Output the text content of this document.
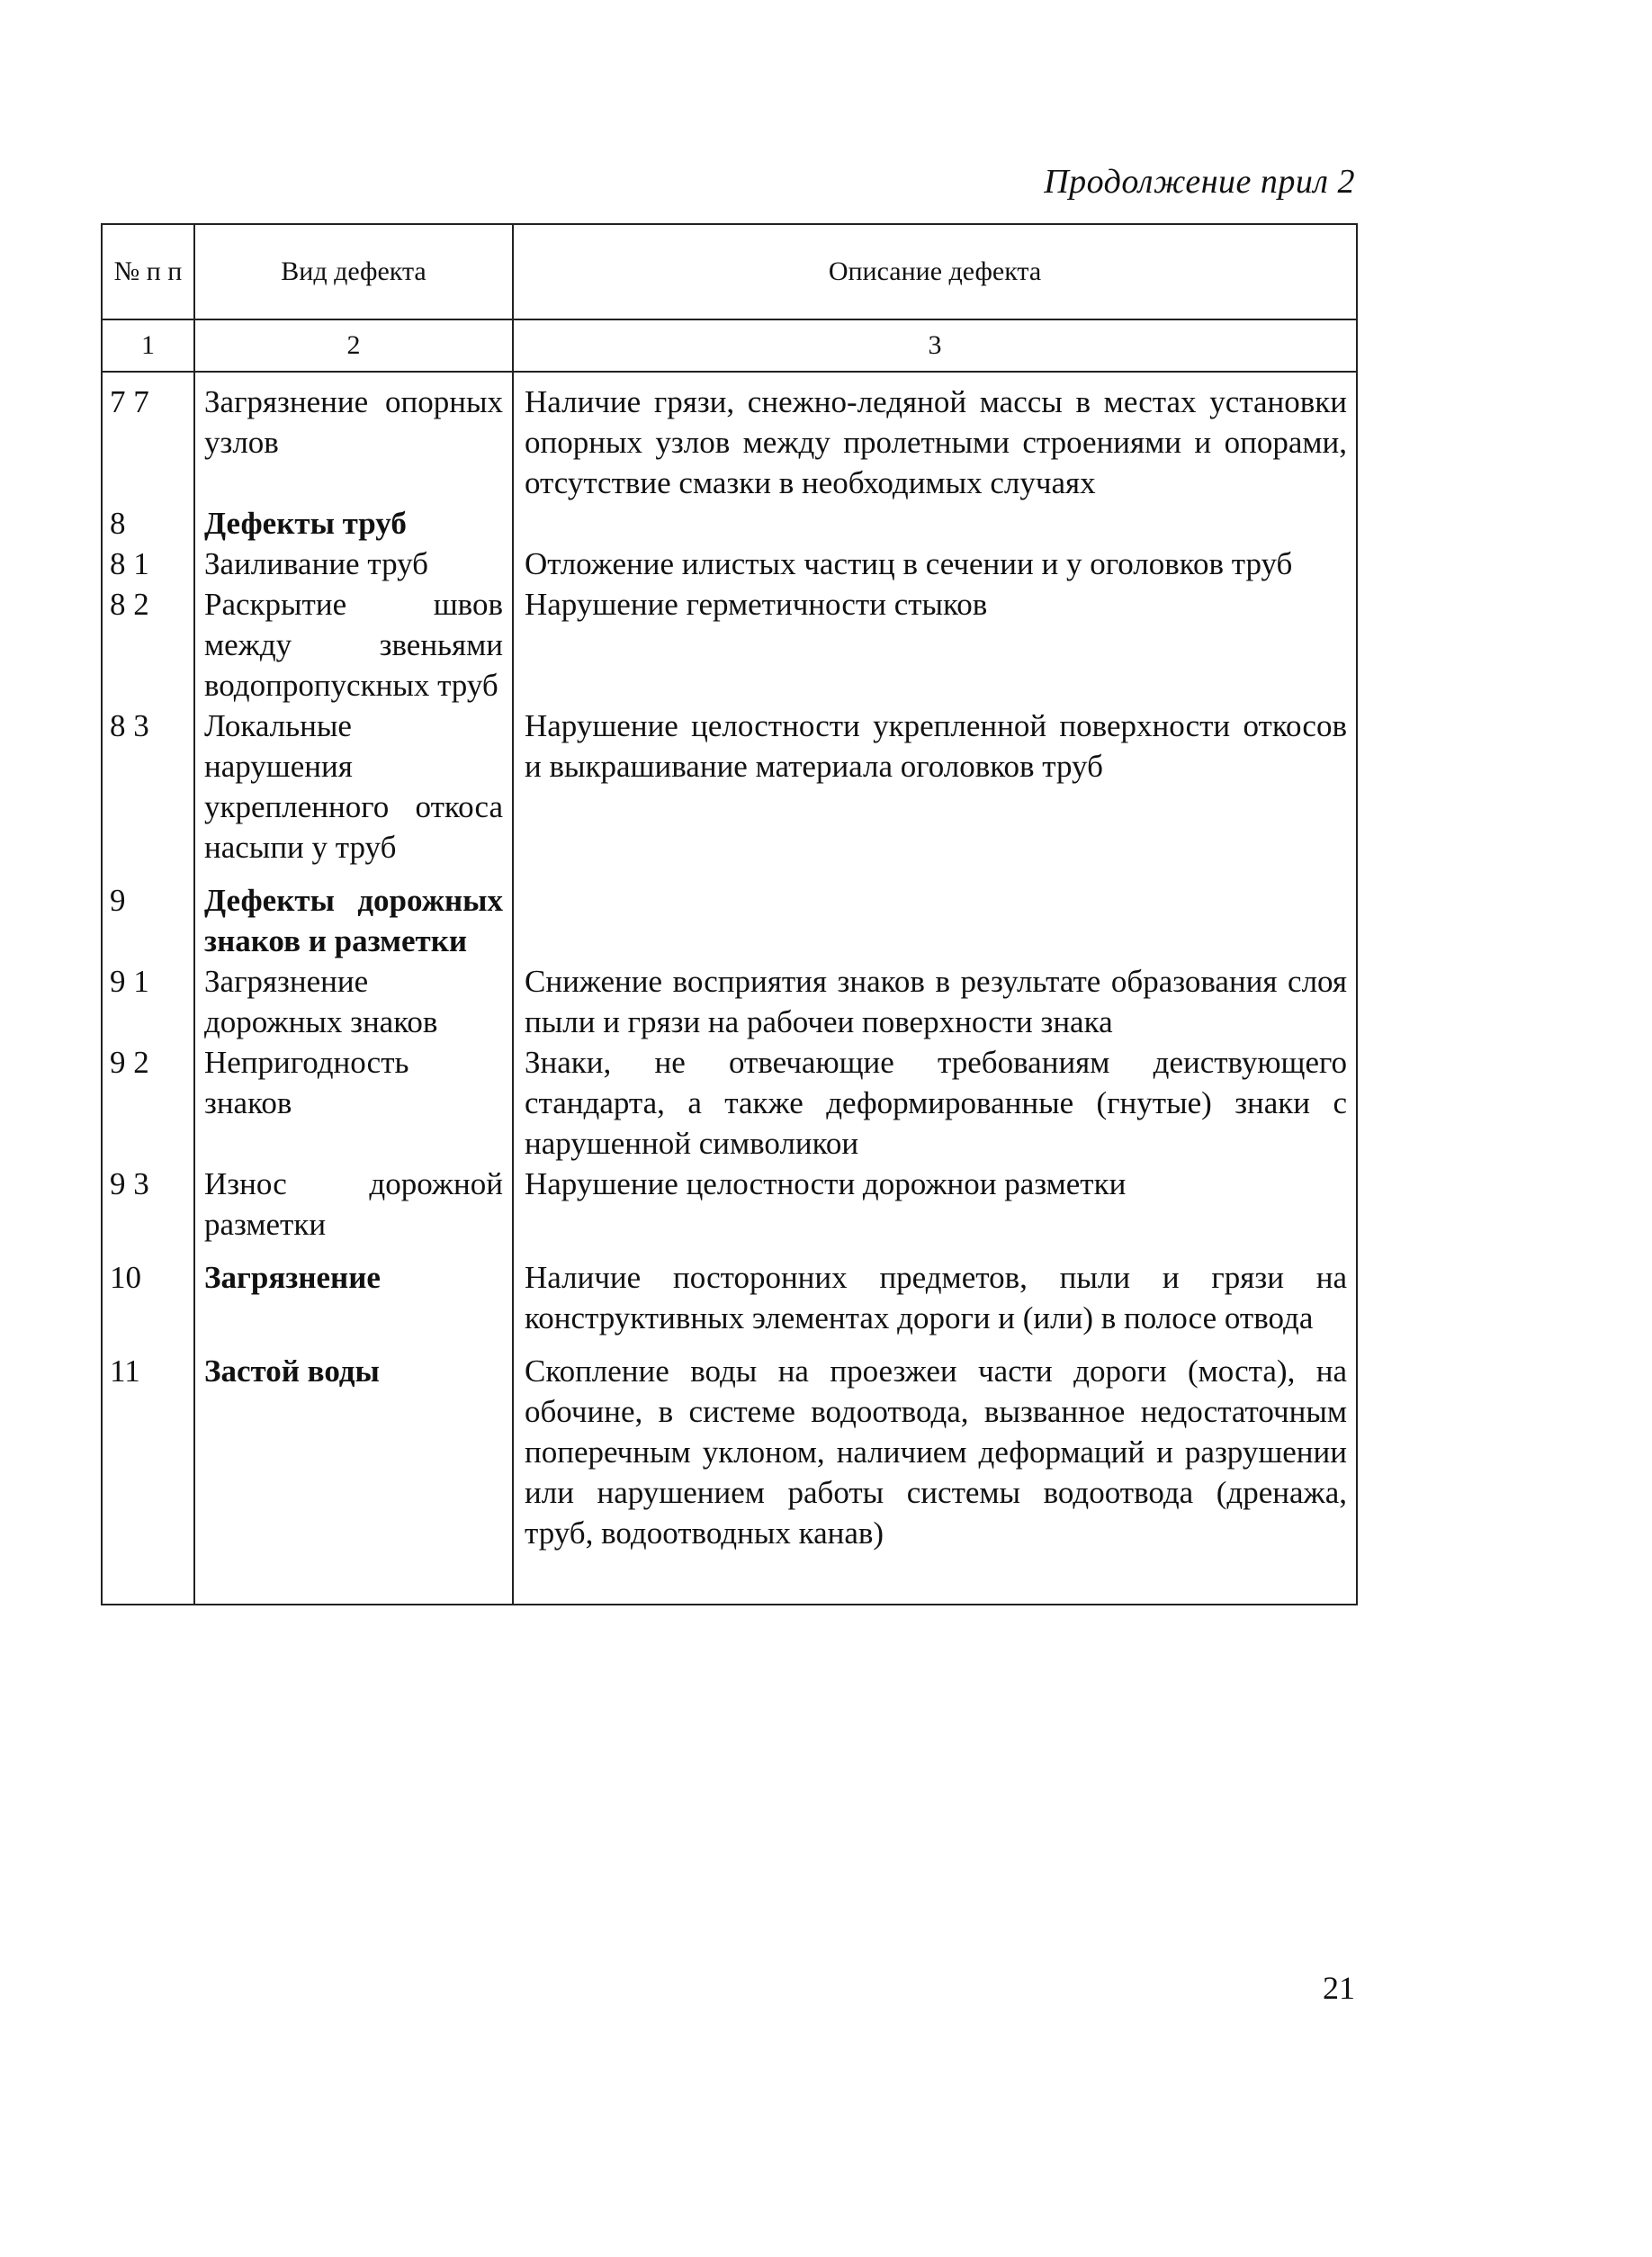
Продолжение прил 2
№ п п	Вид дефекта	Описание дефекта
1	2	3
7 7	Загрязнение опорных узлов	Наличие грязи, снежно-ледяной массы в местах установки опорных узлов между пролетными строениями и опорами, отсутствие смазки в необходимых случаях
8	Дефекты труб	
8 1	Заиливание труб	Отложение илистых частиц в сечении и у оголовков труб
8 2	Раскрытие швов между звеньями водопропускных труб	Нарушение герметичности стыков
8 3	Локальные нарушения укрепленного откоса насыпи у труб	Нарушение целостности укрепленной поверхности откосов и выкрашивание материала оголовков труб
9	Дефекты дорожных знаков и разметки	
9 1	Загрязнение дорожных знаков	Снижение восприятия знаков в результате образования слоя пыли и грязи на рабочеи поверхности знака
9 2	Непригодность знаков	Знаки, не отвечающие требованиям деиствующего стандарта, а также деформированные (гнутые) знаки с нарушенной символикои
9 3	Износ дорожной разметки	Нарушение целостности дорожнои разметки
10	Загрязнение	Наличие посторонних предметов, пыли и грязи на конструктивных элементах дороги и (или) в полосе отвода
11	Застой воды	Скопление воды на проезжеи части дороги (моста), на обочине, в системе водоотвода, вызванное недостаточным поперечным уклоном, наличием деформаций и разрушении или нарушением работы системы водоотвода (дренажа, труб, водоотводных канав)

21
